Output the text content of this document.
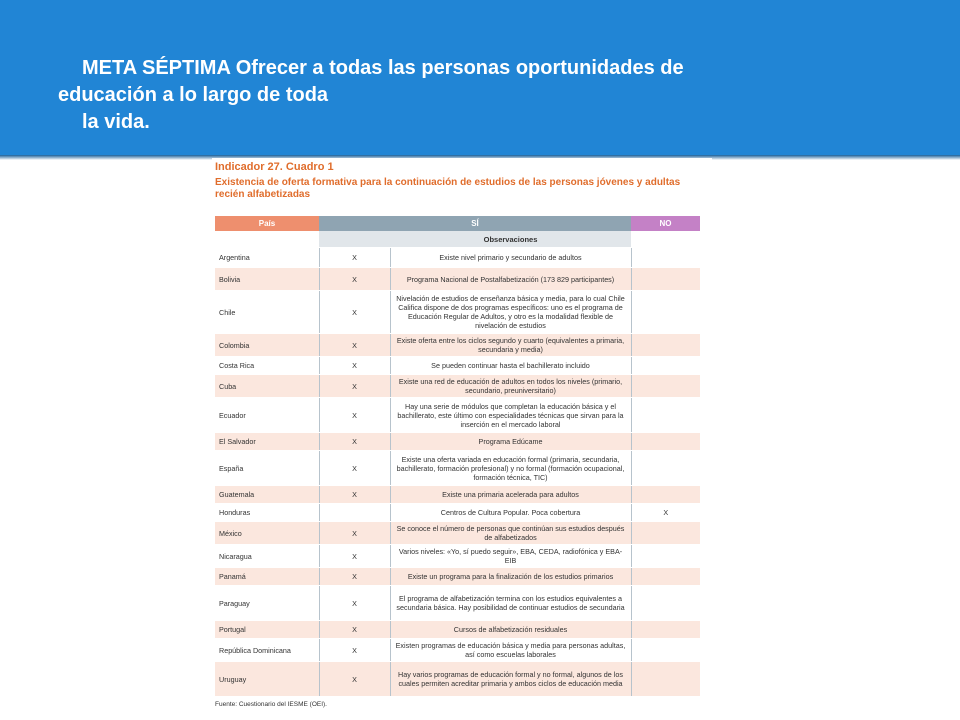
META SÉPTIMA Ofrecer a todas las personas oportunidades de
educación a lo largo de toda
la vida.
Indicador 27. Cuadro 1
Existencia de oferta formativa para la continuación de estudios de las personas jóvenes y adultas recién alfabetizadas
País	SÍ		NO
		Observaciones	
Argentina	X	Existe nivel primario y secundario de adultos	
Bolivia	X	Programa Nacional de Postalfabetización (173 829 participantes)	
Chile	X	Nivelación de estudios de enseñanza básica y media, para lo cual Chile Califica dispone de dos programas específicos: uno es el programa de Educación Regular de Adultos, y otro es la modalidad flexible de nivelación de estudios	
Colombia	X	Existe oferta entre los ciclos segundo y cuarto (equivalentes a primaria, secundaria y media)	
Costa Rica	X	Se pueden continuar hasta el bachillerato incluido	
Cuba	X	Existe una red de educación de adultos en todos los niveles (primario, secundario, preuniversitario)	
Ecuador	X	Hay una serie de módulos que completan la educación básica y el bachillerato, este último con especialidades técnicas que sirvan para la inserción en el mercado laboral	
El Salvador	X	Programa Edúcame	
España	X	Existe una oferta variada en educación formal (primaria, secundaria, bachillerato, formación profesional) y no formal (formación ocupacional, formación técnica, TIC)	
Guatemala	X	Existe una primaria acelerada para adultos	
Honduras		Centros de Cultura Popular. Poca cobertura	X
México	X	Se conoce el número de personas que continúan sus estudios después de alfabetizados	
Nicaragua	X	Varios niveles: «Yo, sí puedo seguir», EBA, CEDA, radiofónica y EBA-EIB	
Panamá	X	Existe un programa para la finalización de los estudios primarios	
Paraguay	X	El programa de alfabetización termina con los estudios equivalentes a secundaria básica. Hay posibilidad de continuar estudios de secundaria	
Portugal	X	Cursos de alfabetización residuales	
República Dominicana	X	Existen programas de educación básica y media para personas adultas, así como escuelas laborales	
Uruguay	X	Hay varios programas de educación formal y no formal, algunos de los cuales permiten acreditar primaria y ambos ciclos de educación media	
Fuente: Cuestionario del IESME (OEI).
